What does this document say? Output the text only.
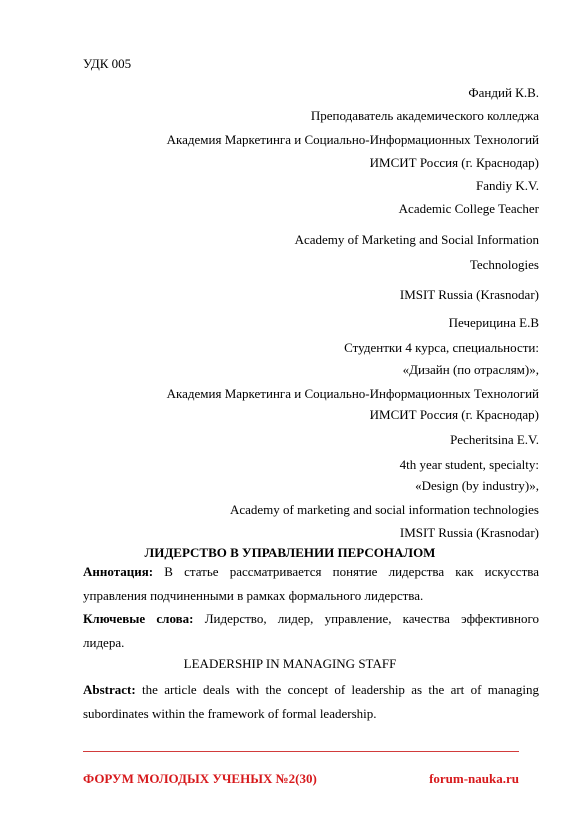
УДК 005
Фандий К.В.
Преподаватель академического колледжа
Академия Маркетинга и Социально-Информационных Технологий
ИМСИТ Россия (г. Краснодар)
Fandiy K.V.
Academic College Teacher
Academy of Marketing and Social Information
Technologies
IMSIT Russia (Krasnodar)
Печерицина Е.В
Студентки 4 курса, специальности:
«Дизайн (по отраслям)»,
Академия Маркетинга и Социально-Информационных Технологий
ИМСИТ Россия (г. Краснодар)
Pecheritsina E.V.
4th year student, specialty:
«Design (by industry)»,
Academy of marketing and social information technologies
IMSIT Russia (Krasnodar)
ЛИДЕРСТВО В УПРАВЛЕНИИ ПЕРСОНАЛОМ
Аннотация: В статье рассматривается понятие лидерства как искусства
управления подчиненными в рамках формального лидерства.
Ключевые слова: Лидерство, лидер, управление, качества эффективного
лидера.
LEADERSHIP IN MANAGING STAFF
Abstract: the article deals with the concept of leadership as the art of managing
subordinates within the framework of formal leadership.
ФОРУМ МОЛОДЫХ УЧЕНЫХ №2(30)	forum-nauka.ru
